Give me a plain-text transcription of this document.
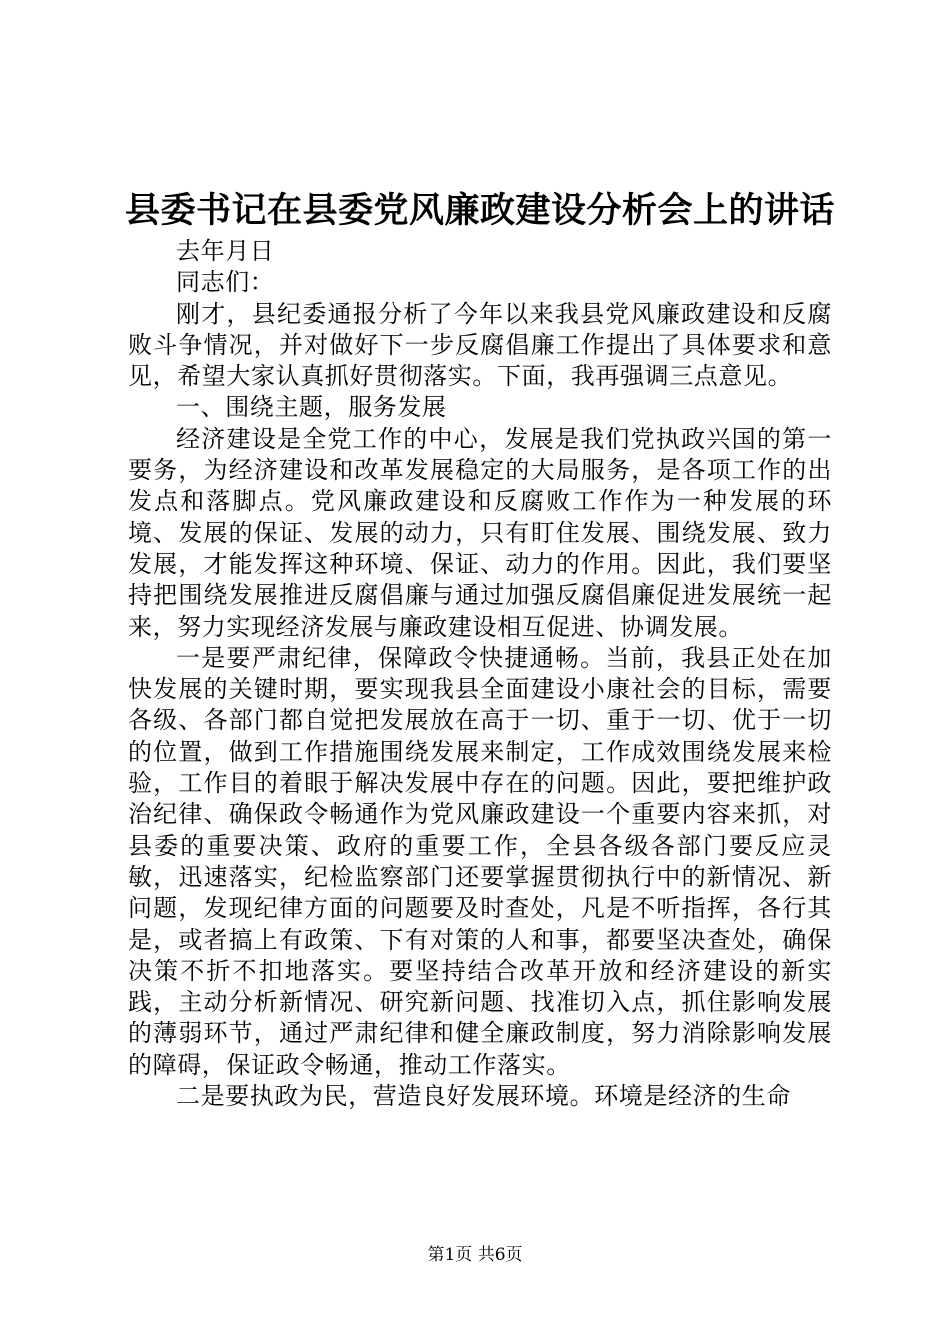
县委书记在县委党风廉政建设分析会上的讲话

去年月日

同志们：

刚才，县纪委通报分析了今年以来我县党风廉政建设和反腐败斗争情况，并对做好下一步反腐倡廉工作提出了具体要求和意见，希望大家认真抓好贯彻落实。下面，我再强调三点意见。

一、围绕主题，服务发展

经济建设是全党工作的中心，发展是我们党执政兴国的第一要务，为经济建设和改革发展稳定的大局服务，是各项工作的出发点和落脚点。党风廉政建设和反腐败工作作为一种发展的环境、发展的保证、发展的动力，只有盯住发展、围绕发展、致力发展，才能发挥这种环境、保证、动力的作用。因此，我们要坚持把围绕发展推进反腐倡廉与通过加强反腐倡廉促进发展统一起来，努力实现经济发展与廉政建设相互促进、协调发展。

一是要严肃纪律，保障政令快捷通畅。当前，我县正处在加快发展的关键时期，要实现我县全面建设小康社会的目标，需要各级、各部门都自觉把发展放在高于一切、重于一切、优于一切的位置，做到工作措施围绕发展来制定，工作成效围绕发展来检验，工作目的着眼于解决发展中存在的问题。因此，要把维护政治纪律、确保政令畅通作为党风廉政建设一个重要内容来抓，对县委的重要决策、政府的重要工作，全县各级各部门要反应灵敏，迅速落实，纪检监察部门还要掌握贯彻执行中的新情况、新问题，发现纪律方面的问题要及时查处，凡是不听指挥，各行其是，或者搞上有政策、下有对策的人和事，都要坚决查处，确保决策不折不扣地落实。要坚持结合改革开放和经济建设的新实践，主动分析新情况、研究新问题、找准切入点，抓住影响发展的薄弱环节，通过严肃纪律和健全廉政制度，努力消除影响发展的障碍，保证政令畅通，推动工作落实。

二是要执政为民，营造良好发展环境。环境是经济的生命

第1页 共6页
